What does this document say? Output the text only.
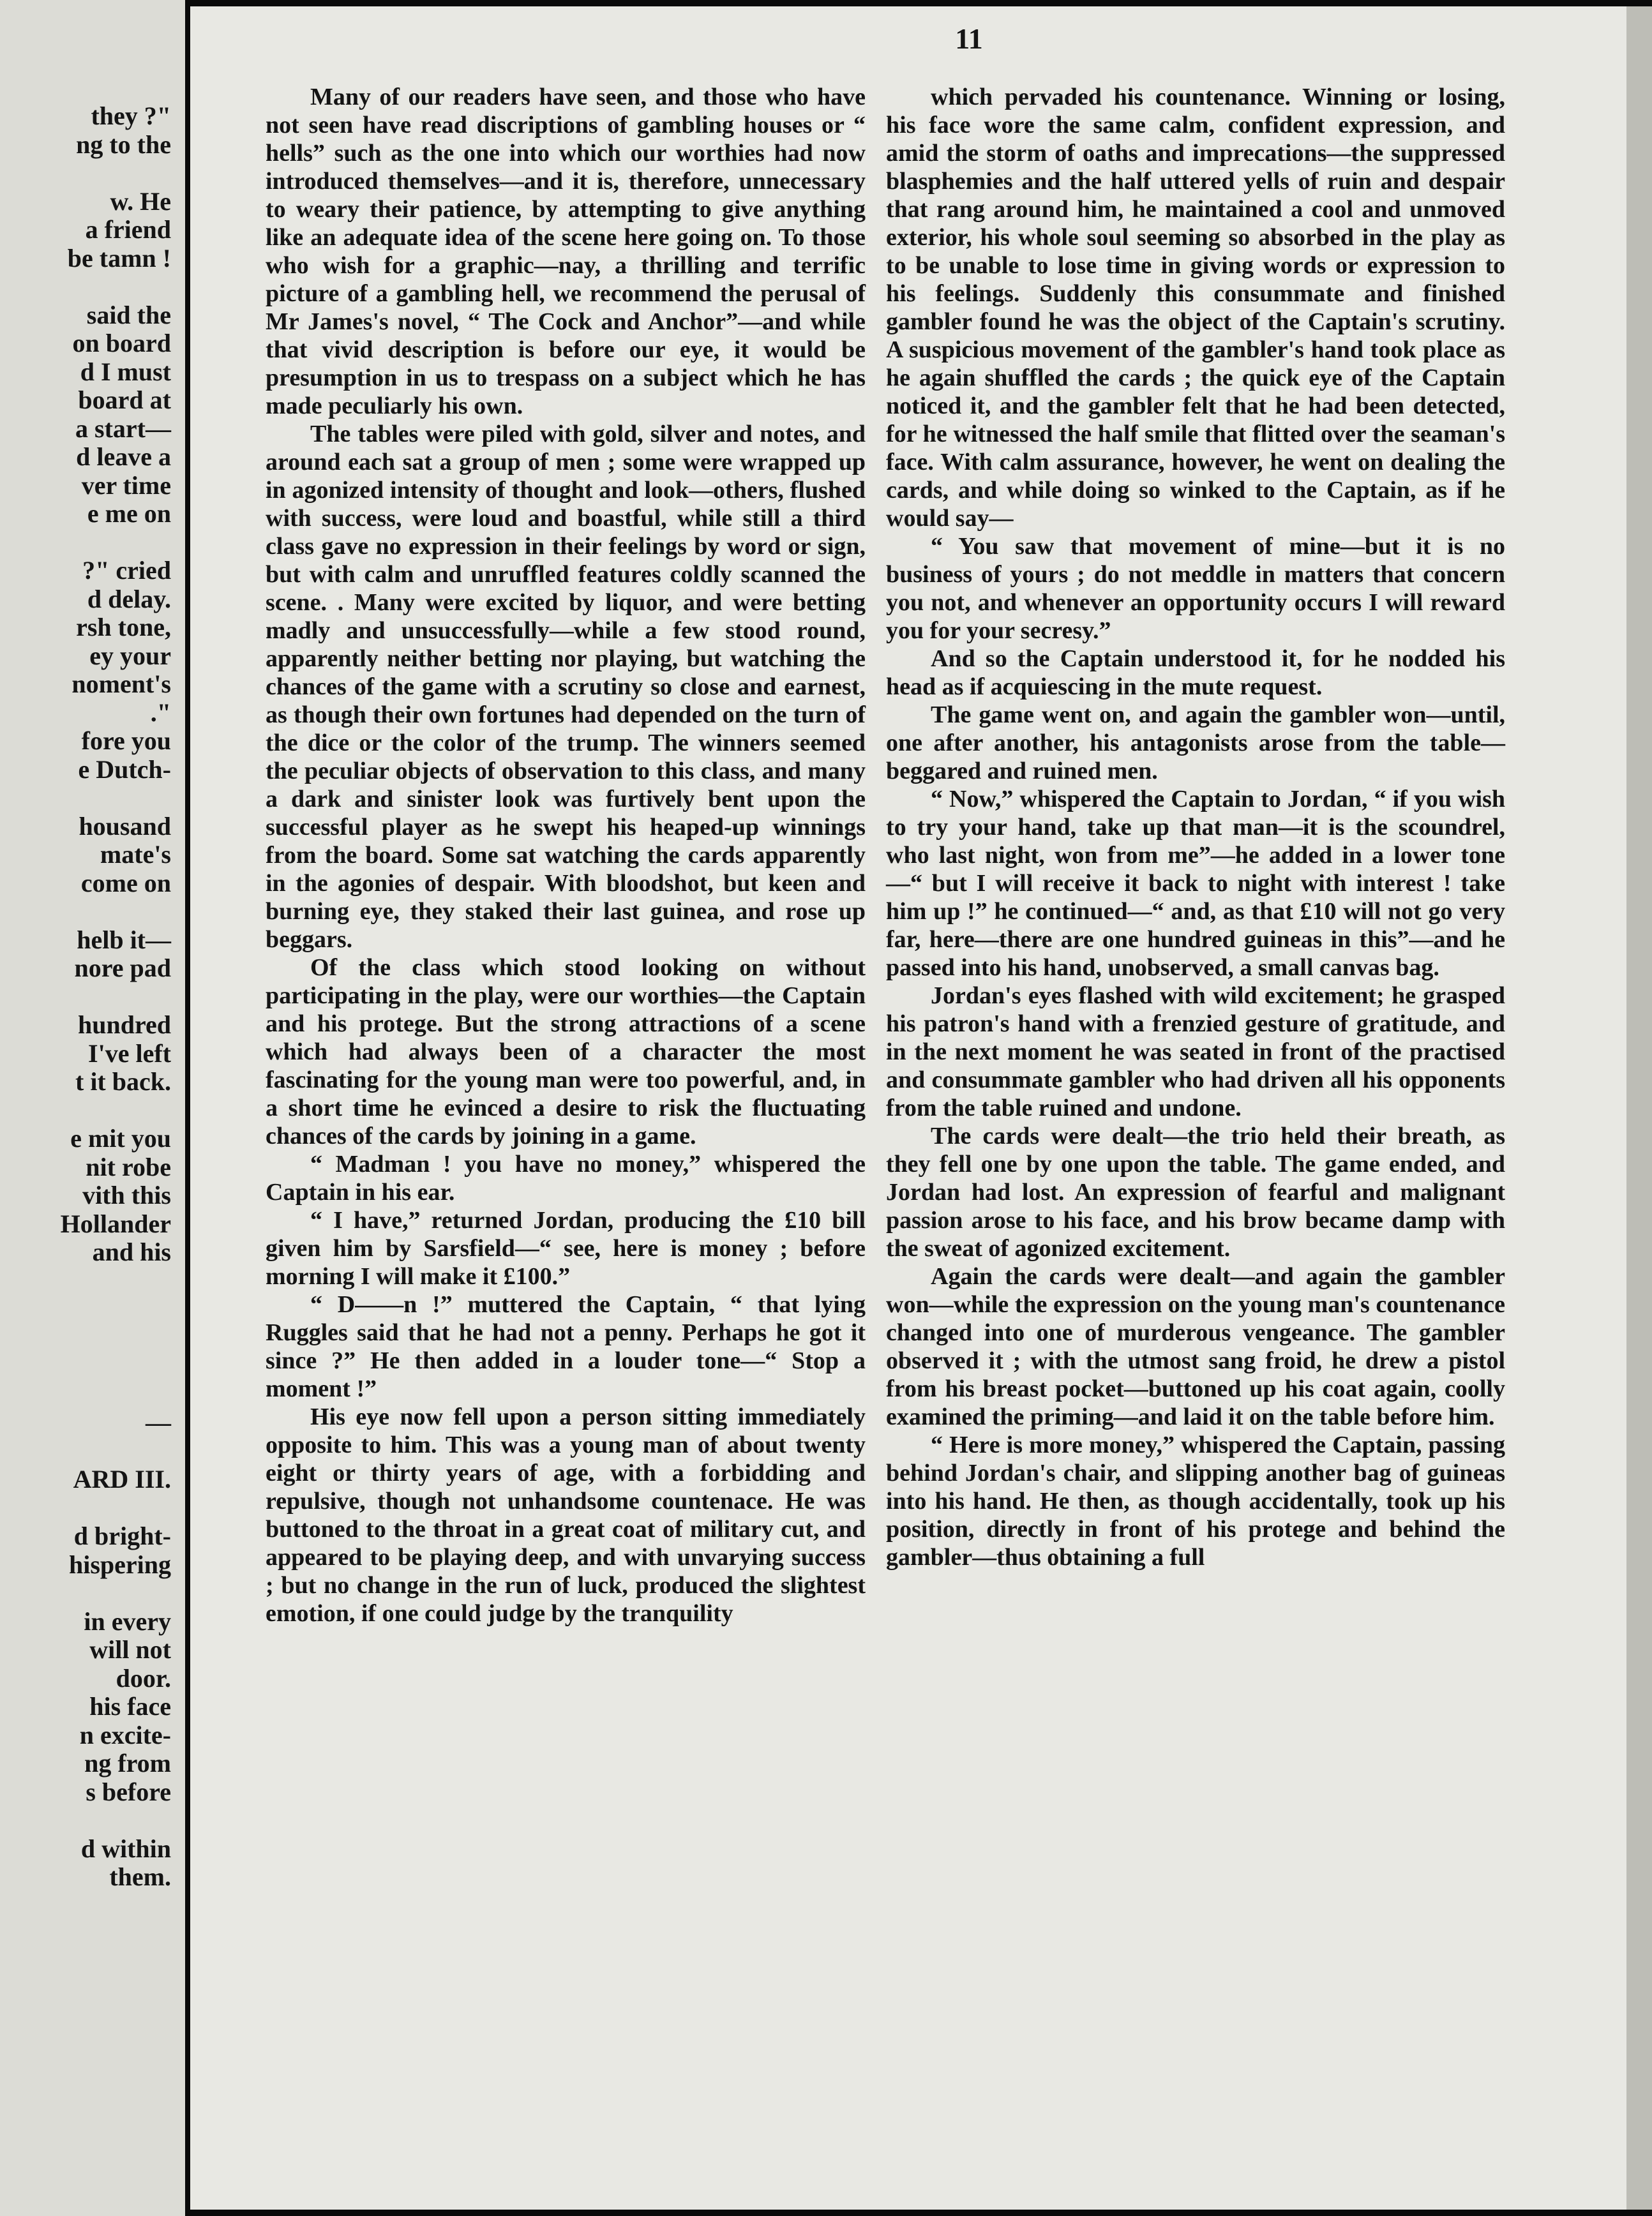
they ?"
ng to the
w. He
a friend
be tamn !
said the
on board
d I must
board at
a start—
d leave a
ver time
e me on
?" cried
d delay.
rsh tone,
ey your
noment's
."
fore you
e Dutch-
housand
mate's
come on
helb it—
nore pad
hundred
I've left
t it back.
e mit you
nit robe
vith this
Hollander
and his
—
ARD III.
d bright-
hispering
in every
will not
door.
his face
n excite-
ng from
s before
d within
them.
11

Many of our readers have seen, and those who have not seen have read discriptions of gambling houses or “ hells” such as the one into which our worthies had now introduced themselves—and it is, therefore, unnecessary to weary their patience, by attempting to give anything like an adequate idea of the scene here going on. To those who wish for a graphic—nay, a thrilling and terrific picture of a gambling hell, we recommend the perusal of Mr James's novel, “ The Cock and Anchor”—and while that vivid description is before our eye, it would be presumption in us to trespass on a subject which he has made peculiarly his own.

The tables were piled with gold, silver and notes, and around each sat a group of men ; some were wrapped up in agonized intensity of thought and look—others, flushed with success, were loud and boastful, while still a third class gave no expression in their feelings by word or sign, but with calm and unruffled features coldly scanned the scene. . Many were excited by liquor, and were betting madly and unsuccessfully—while a few stood round, apparently neither betting nor playing, but watching the chances of the game with a scrutiny so close and earnest, as though their own fortunes had depended on the turn of the dice or the color of the trump. The winners seemed the peculiar objects of observation to this class, and many a dark and sinister look was furtively bent upon the successful player as he swept his heaped-up winnings from the board. Some sat watching the cards apparently in the agonies of despair. With bloodshot, but keen and burning eye, they staked their last guinea, and rose up beggars.

Of the class which stood looking on without participating in the play, were our worthies—the Captain and his protege. But the strong attractions of a scene which had always been of a character the most fascinating for the young man were too powerful, and, in a short time he evinced a desire to risk the fluctuating chances of the cards by joining in a game.

“ Madman ! you have no money,” whispered the Captain in his ear.

“ I have,” returned Jordan, producing the £10 bill given him by Sarsfield—“ see, here is money ; before morning I will make it £100.”

“ D——n !” muttered the Captain, “ that lying Ruggles said that he had not a penny. Perhaps he got it since ?” He then added in a louder tone—“ Stop a moment !”

His eye now fell upon a person sitting immediately opposite to him. This was a young man of about twenty eight or thirty years of age, with a forbidding and repulsive, though not unhandsome countenace. He was buttoned to the throat in a great coat of military cut, and appeared to be playing deep, and with unvarying success ; but no change in the run of luck, produced the slightest emotion, if one could judge by the tranquility

which pervaded his countenance. Winning or losing, his face wore the same calm, confident expression, and amid the storm of oaths and imprecations—the suppressed blasphemies and the half uttered yells of ruin and despair that rang around him, he maintained a cool and unmoved exterior, his whole soul seeming so absorbed in the play as to be unable to lose time in giving words or expression to his feelings. Suddenly this consummate and finished gambler found he was the object of the Captain's scrutiny. A suspicious movement of the gambler's hand took place as he again shuffled the cards ; the quick eye of the Captain noticed it, and the gambler felt that he had been detected, for he witnessed the half smile that flitted over the seaman's face. With calm assurance, however, he went on dealing the cards, and while doing so winked to the Captain, as if he would say—

“ You saw that movement of mine—but it is no business of yours ; do not meddle in matters that concern you not, and whenever an opportunity occurs I will reward you for your secresy.”

And so the Captain understood it, for he nodded his head as if acquiescing in the mute request.

The game went on, and again the gambler won—until, one after another, his antagonists arose from the table—beggared and ruined men.

“ Now,” whispered the Captain to Jordan, “ if you wish to try your hand, take up that man—it is the scoundrel, who last night, won from me”—he added in a lower tone—“ but I will receive it back to night with interest ! take him up !” he continued—“ and, as that £10 will not go very far, here—there are one hundred guineas in this”—and he passed into his hand, unobserved, a small canvas bag.

Jordan's eyes flashed with wild excitement; he grasped his patron's hand with a frenzied gesture of gratitude, and in the next moment he was seated in front of the practised and consummate gambler who had driven all his opponents from the table ruined and undone.

The cards were dealt—the trio held their breath, as they fell one by one upon the table. The game ended, and Jordan had lost. An expression of fearful and malignant passion arose to his face, and his brow became damp with the sweat of agonized excitement.

Again the cards were dealt—and again the gambler won—while the expression on the young man's countenance changed into one of murderous vengeance. The gambler observed it ; with the utmost sang froid, he drew a pistol from his breast pocket—buttoned up his coat again, coolly examined the priming—and laid it on the table before him.

“ Here is more money,” whispered the Captain, passing behind Jordan's chair, and slipping another bag of guineas into his hand. He then, as though accidentally, took up his position, directly in front of his protege and behind the gambler—thus obtaining a full
